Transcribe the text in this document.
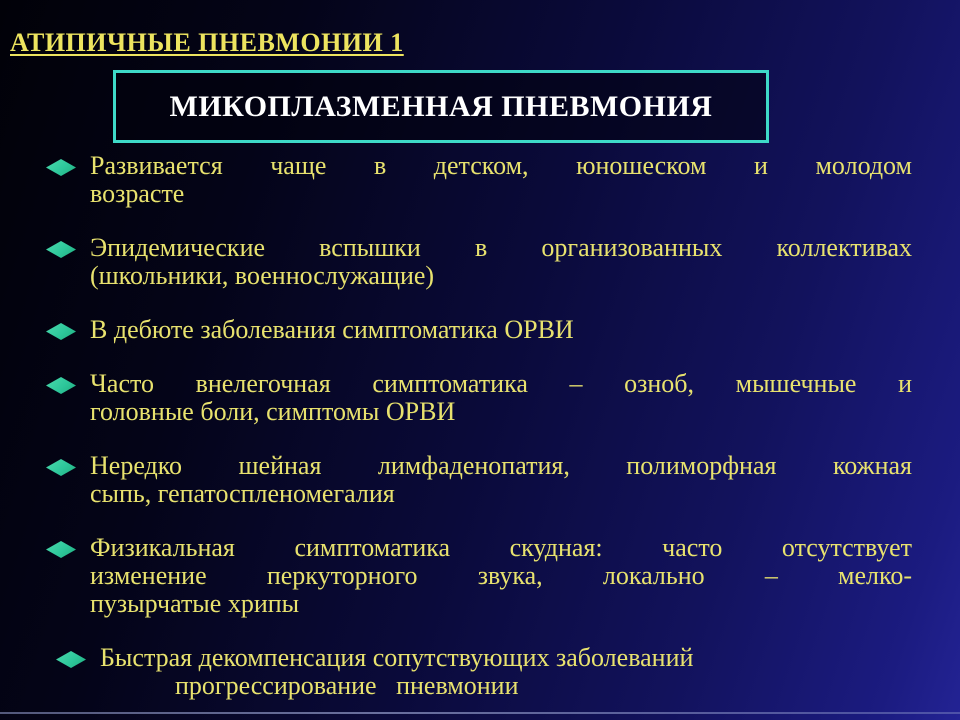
АТИПИЧНЫЕ ПНЕВМОНИИ 1
МИКОПЛАЗМЕННАЯ ПНЕВМОНИЯ
Развивается чаще в детском, юношеском и молодом
возрасте
Эпидемические вспышки в организованных коллективах
(школьники, военнослужащие)
В дебюте заболевания симптоматика ОРВИ
Часто внелегочная симптоматика – озноб, мышечные и
головные боли, симптомы ОРВИ
Нередко шейная лимфаденопатия, полиморфная кожная
сыпь, гепатоспленомегалия
Физикальная симптоматика скудная: часто отсутствует
изменение перкуторного звука, локально – мелко-
пузырчатые хрипы
Быстрая декомпенсация сопутствующих заболеваний
прогрессирование  пневмонии
